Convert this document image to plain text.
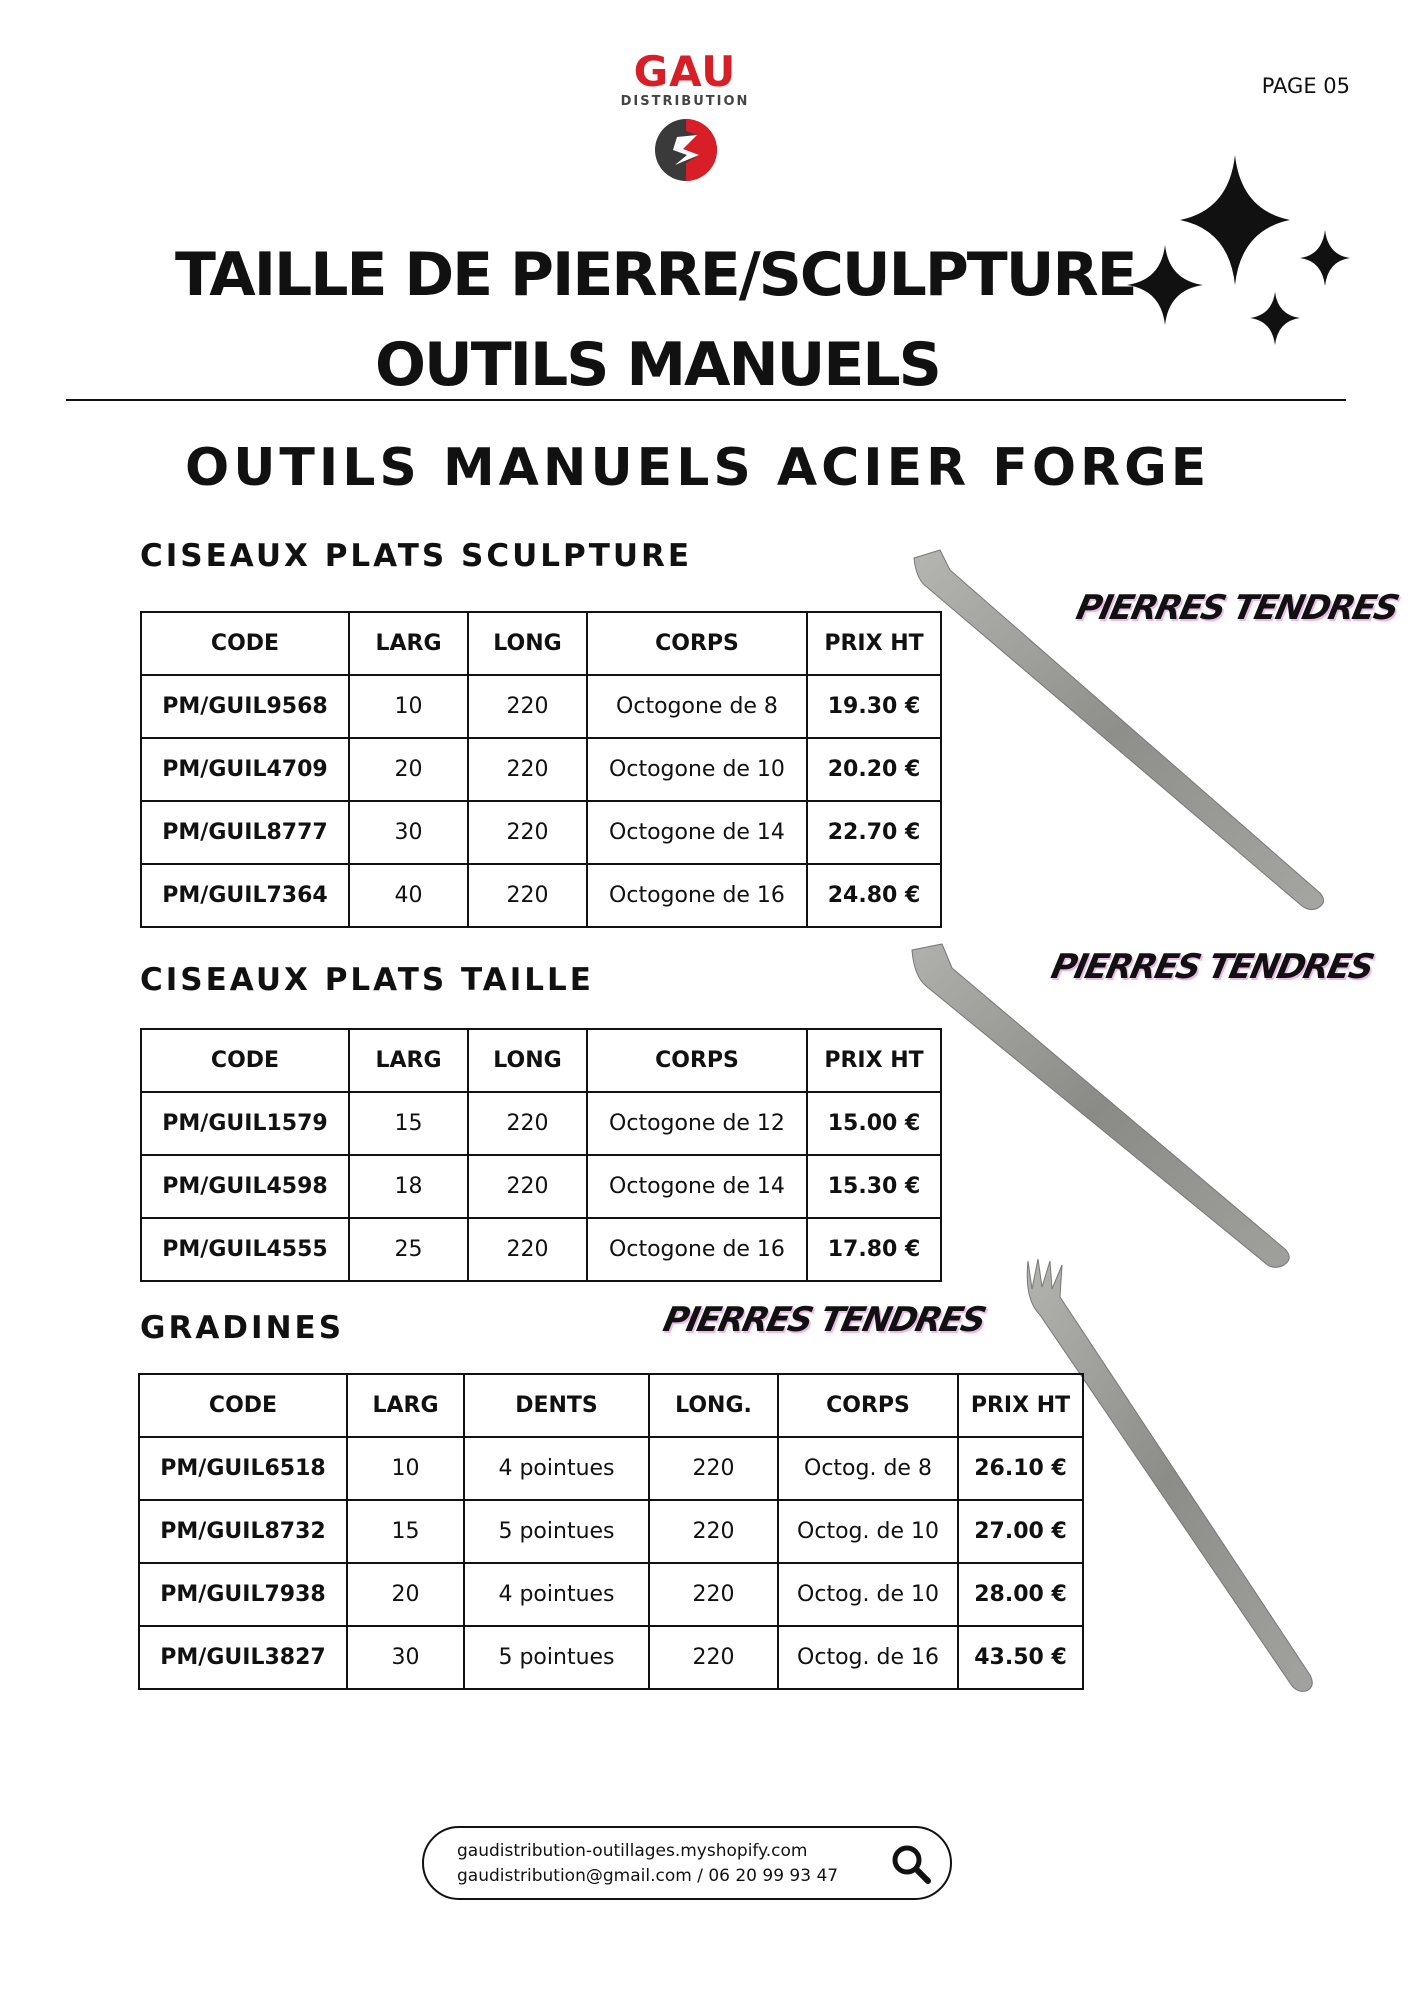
GAU
DISTRIBUTION
PAGE 05
TAILLE DE PIERRE/SCULPTURE
OUTILS MANUELS
OUTILS MANUELS ACIER FORGE
PIERRES TENDRES
PIERRES TENDRES
PIERRES TENDRES
CISEAUX PLATS SCULPTURE
CODE	LARG	LONG	CORPS	PRIX HT
PM/GUIL9568	10	220	Octogone de 8	19.30 €
PM/GUIL4709	20	220	Octogone de 10	20.20 €
PM/GUIL8777	30	220	Octogone de 14	22.70 €
PM/GUIL7364	40	220	Octogone de 16	24.80 €
CISEAUX PLATS TAILLE
CODE	LARG	LONG	CORPS	PRIX HT
PM/GUIL1579	15	220	Octogone de 12	15.00 €
PM/GUIL4598	18	220	Octogone de 14	15.30 €
PM/GUIL4555	25	220	Octogone de 16	17.80 €
GRADINES
CODE	LARG	DENTS	LONG.	CORPS	PRIX HT
PM/GUIL6518	10	4 pointues	220	Octog. de 8	26.10 €
PM/GUIL8732	15	5 pointues	220	Octog. de 10	27.00 €
PM/GUIL7938	20	4 pointues	220	Octog. de 10	28.00 €
PM/GUIL3827	30	5 pointues	220	Octog. de 16	43.50 €
gaudistribution-outillages.myshopify.com
gaudistribution@gmail.com / 06 20 99 93 47
